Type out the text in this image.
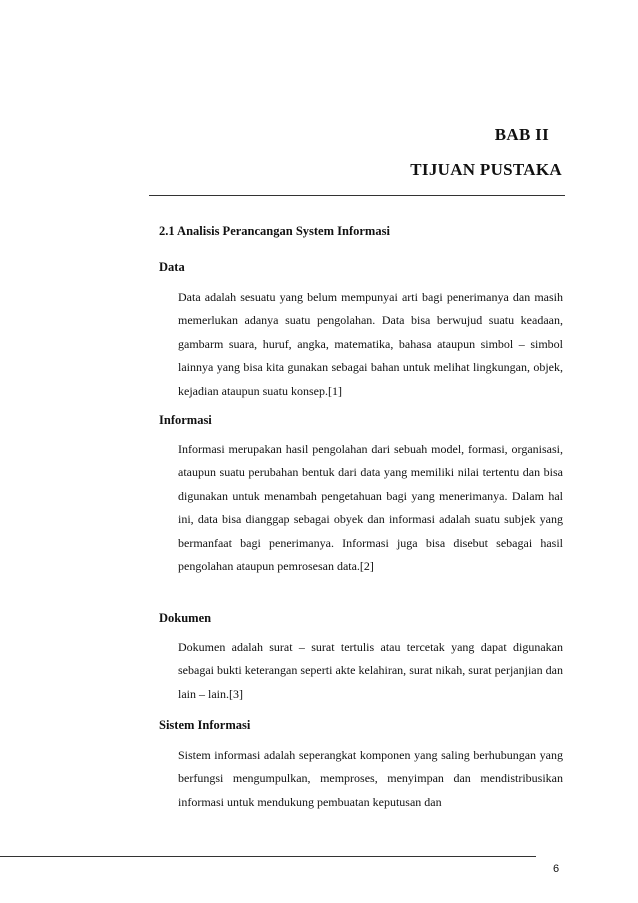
BAB II
TIJUAN PUSTAKA
2.1 Analisis Perancangan System Informasi
Data

Data adalah sesuatu yang belum mempunyai arti bagi penerimanya dan masih memerlukan adanya suatu pengolahan. Data bisa berwujud suatu keadaan, gambarm suara, huruf, angka, matematika, bahasa ataupun simbol – simbol lainnya yang bisa kita gunakan sebagai bahan untuk melihat lingkungan, objek, kejadian ataupun suatu konsep.[1]

Informasi

Informasi merupakan hasil pengolahan dari sebuah model, formasi, organisasi, ataupun suatu perubahan bentuk dari data yang memiliki nilai tertentu dan bisa digunakan untuk menambah pengetahuan bagi yang menerimanya. Dalam hal ini, data bisa dianggap sebagai obyek dan informasi adalah suatu subjek yang bermanfaat bagi penerimanya. Informasi juga bisa disebut sebagai hasil pengolahan ataupun pemrosesan data.[2]

Dokumen

Dokumen adalah surat – surat tertulis atau tercetak yang dapat digunakan sebagai bukti keterangan seperti akte kelahiran, surat nikah, surat perjanjian dan lain – lain.[3]

Sistem Informasi

Sistem informasi adalah seperangkat komponen yang saling berhubungan yang berfungsi mengumpulkan, memproses, menyimpan dan mendistribusikan informasi untuk mendukung pembuatan keputusan dan

6
